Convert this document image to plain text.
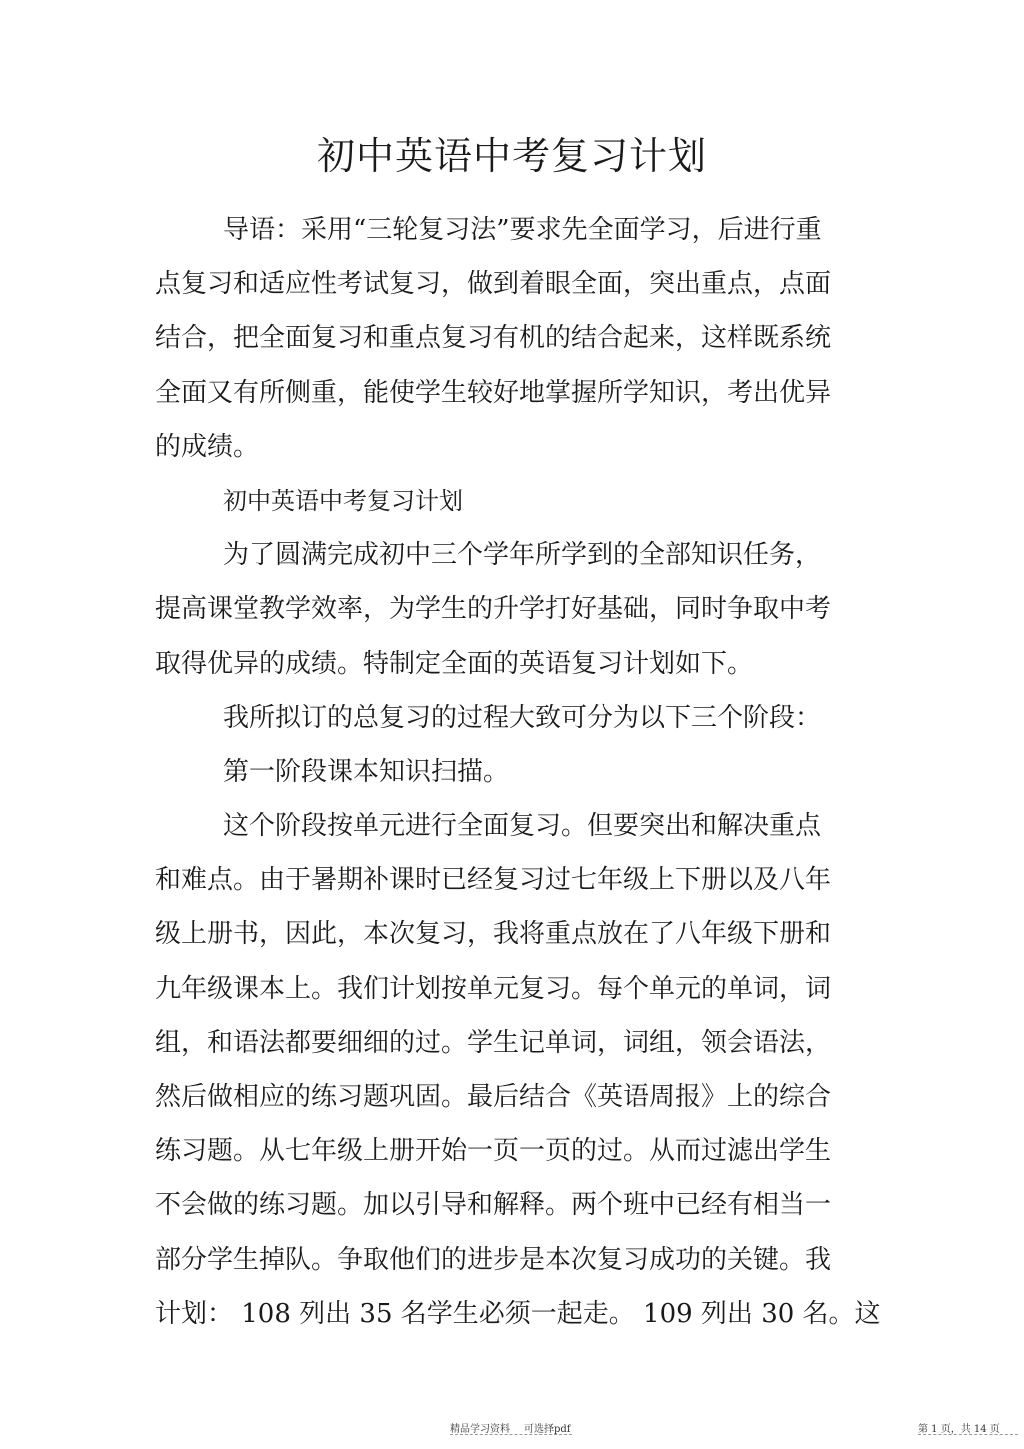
初中英语中考复习计划
导语：采用“三轮复习法”要求先全面学习，后进行重
点复习和适应性考试复习，做到着眼全面，突出重点，点面
结合，把全面复习和重点复习有机的结合起来，这样既系统
全面又有所侧重，能使学生较好地掌握所学知识，考出优异
的成绩。
初中英语中考复习计划
为了圆满完成初中三个学年所学到的全部知识任务，
提高课堂教学效率，为学生的升学打好基础，同时争取中考
取得优异的成绩。特制定全面的英语复习计划如下。
我所拟订的总复习的过程大致可分为以下三个阶段：
第一阶段课本知识扫描。
这个阶段按单元进行全面复习。但要突出和解决重点
和难点。由于暑期补课时已经复习过七年级上下册以及八年
级上册书，因此，本次复习，我将重点放在了八年级下册和
九年级课本上。我们计划按单元复习。每个单元的单词，词
组，和语法都要细细的过。学生记单词，词组，领会语法，
然后做相应的练习题巩固。最后结合《英语周报》上的综合
练习题。从七年级上册开始一页一页的过。从而过滤出学生
不会做的练习题。加以引导和解释。两个班中已经有相当一
部分学生掉队。争取他们的进步是本次复习成功的关键。我
计划： 108 列出 35 名学生必须一起走。 109 列出 30 名。这
精品学习资料 可选择pdf	第 1 页，共 14 页
